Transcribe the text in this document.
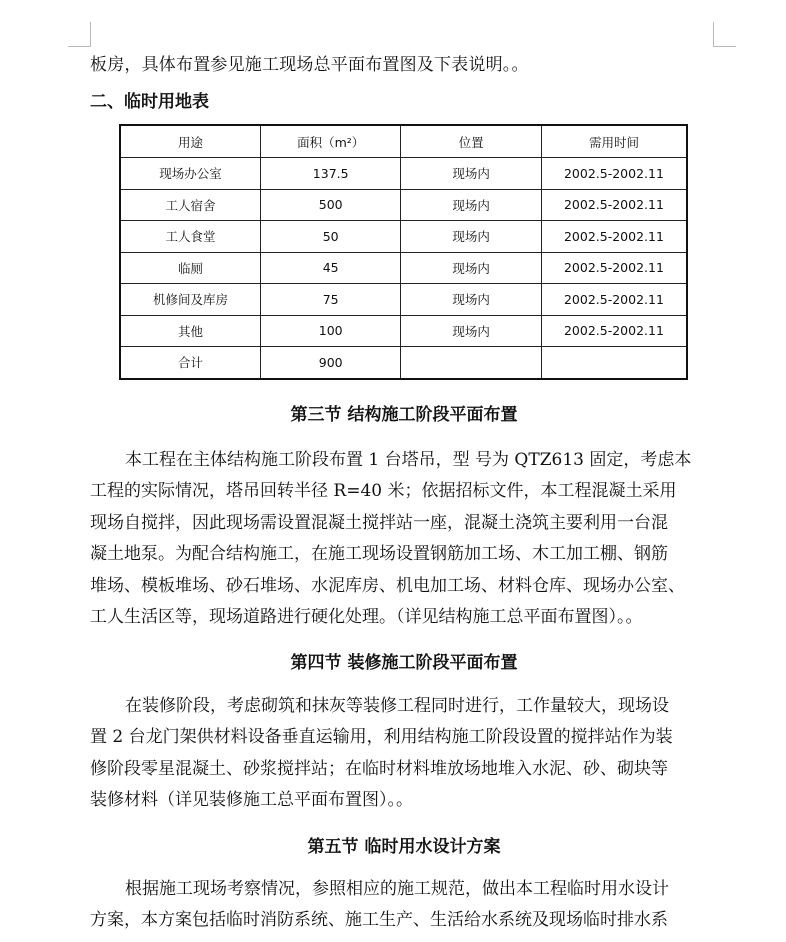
板房，具体布置参见施工现场总平面布置图及下表说明。。

二、临时用地表

用途	面积（m²）	位置	需用时间
现场办公室	137.5	现场内	2002.5-2002.11
工人宿舍	500	现场内	2002.5-2002.11
工人食堂	50	现场内	2002.5-2002.11
临厕	45	现场内	2002.5-2002.11
机修间及库房	75	现场内	2002.5-2002.11
其他	100	现场内	2002.5-2002.11
合计	900		

第三节 结构施工阶段平面布置

本工程在主体结构施工阶段布置 1 台塔吊，型 号为 QTZ613 固定，考虑本
工程的实际情况，塔吊回转半径 R=40 米；依据招标文件，本工程混凝土采用
现场自搅拌，因此现场需设置混凝土搅拌站一座，混凝土浇筑主要利用一台混
凝土地泵。为配合结构施工，在施工现场设置钢筋加工场、木工加工棚、钢筋
堆场、模板堆场、砂石堆场、水泥库房、机电加工场、材料仓库、现场办公室、
工人生活区等，现场道路进行硬化处理。（详见结构施工总平面布置图）。。

第四节 装修施工阶段平面布置

在装修阶段，考虑砌筑和抹灰等装修工程同时进行，工作量较大，现场设
置 2 台龙门架供材料设备垂直运输用，利用结构施工阶段设置的搅拌站作为装
修阶段零星混凝土、砂浆搅拌站；在临时材料堆放场地堆入水泥、砂、砌块等
装修材料（详见装修施工总平面布置图）。。

第五节 临时用水设计方案

根据施工现场考察情况，参照相应的施工规范，做出本工程临时用水设计
方案，本方案包括临时消防系统、施工生产、生活给水系统及现场临时排水系
